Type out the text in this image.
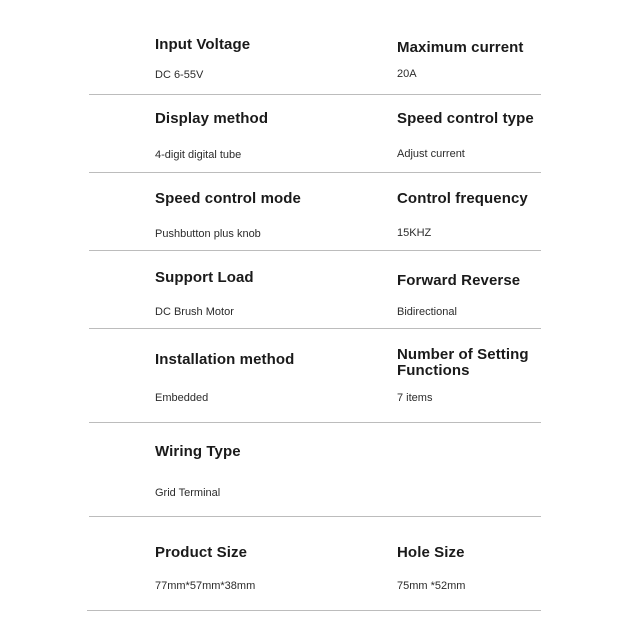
Input Voltage

DC 6-55V

Maximum current

20A

Display method

4-digit digital tube

Speed control type

Adjust current

Speed control mode

Pushbutton plus knob

Control frequency

15KHZ

Support Load

DC Brush Motor

Forward Reverse

Bidirectional

Installation method

Embedded

Number of Setting

Functions

7 items

Wiring Type

Grid Terminal

Product Size

77mm*57mm*38mm

Hole Size

75mm *52mm
